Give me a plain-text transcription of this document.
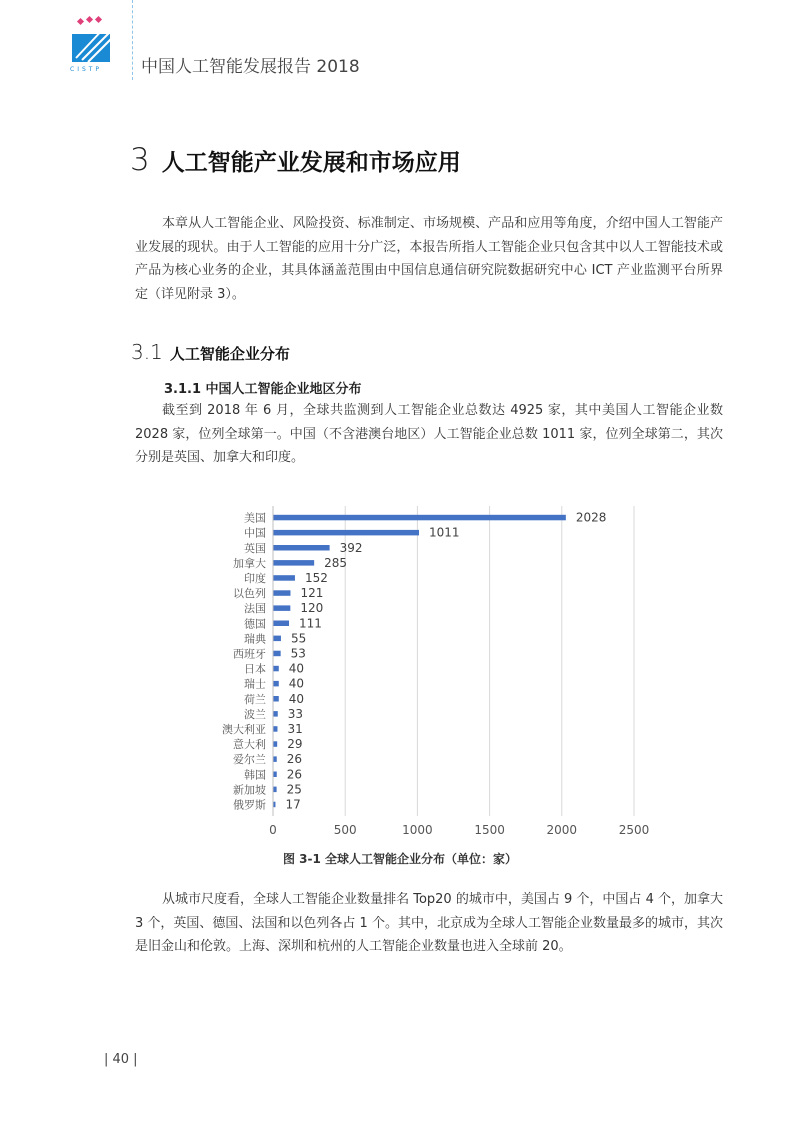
CISTP 中国人工智能发展报告 2018
3 人工智能产业发展和市场应用
本章从人工智能企业、风险投资、标准制定、市场规模、产品和应用等角度，介绍中国人工智能产业发展的现状。由于人工智能的应用十分广泛，本报告所指人工智能企业只包含其中以人工智能技术或产品为核心业务的企业，其具体涵盖范围由中国信息通信研究院数据研究中心 ICT 产业监测平台所界定（详见附录 3）。
3.1 人工智能企业分布
3.1.1 中国人工智能企业地区分布
截至到 2018 年 6 月，全球共监测到人工智能企业总数达 4925 家，其中美国人工智能企业数 2028 家，位列全球第一。中国（不含港澳台地区）人工智能企业总数 1011 家，位列全球第二，其次分别是英国、加拿大和印度。
0	500	1000	1500	2000	2500
美国	2028
中国	1011
英国	392
加拿大	285
印度	152
以色列	121
法国	120
德国	111
瑞典 55
西班牙 53
日本 40
瑞士 40
荷兰 40
波兰 33
澳大利亚 31
意大利 29
爱尔兰 26
韩国 26
新加坡 25
俄罗斯 17
图 3-1 全球人工智能企业分布（单位：家）
从城市尺度看，全球人工智能企业数量排名 Top20 的城市中，美国占 9 个，中国占 4 个，加拿大 3 个，英国、德国、法国和以色列各占 1 个。其中，北京成为全球人工智能企业数量最多的城市，其次是旧金山和伦敦。上海、深圳和杭州的人工智能企业数量也进入全球前 20。
| 40 |
